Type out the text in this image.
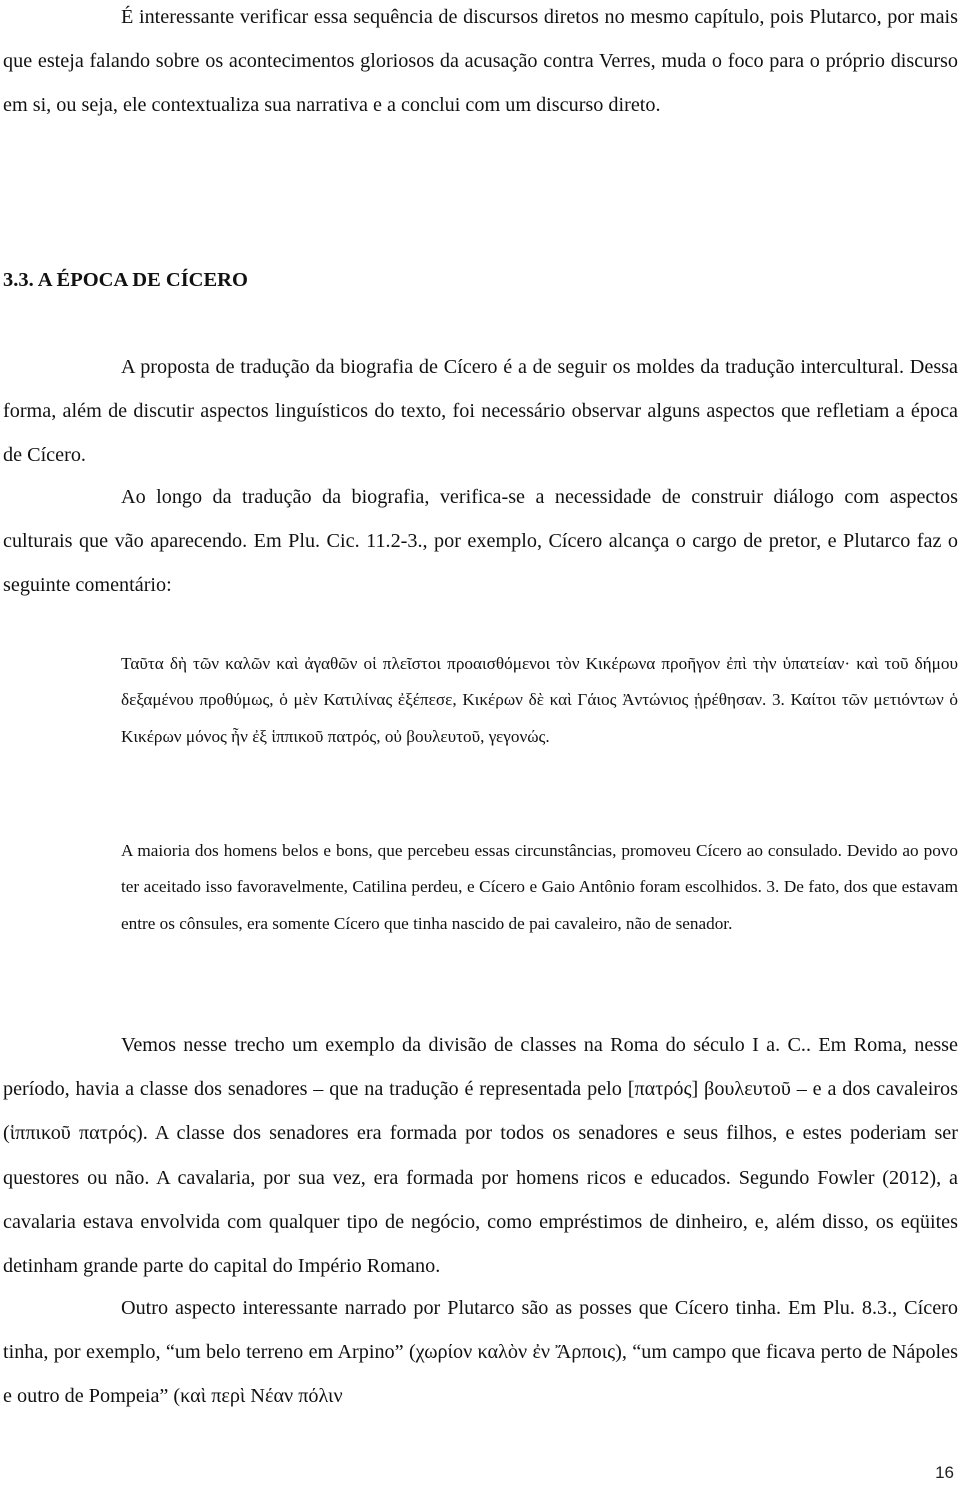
É interessante verificar essa sequência de discursos diretos no mesmo capítulo, pois Plutarco, por mais que esteja falando sobre os acontecimentos gloriosos da acusação contra Verres, muda o foco para o próprio discurso em si, ou seja, ele contextualiza sua narrativa e a conclui com um discurso direto.

3.3. A ÉPOCA DE CÍCERO

A proposta de tradução da biografia de Cícero é a de seguir os moldes da tradução intercultural. Dessa forma, além de discutir aspectos linguísticos do texto, foi necessário observar alguns aspectos que refletiam a época de Cícero.

Ao longo da tradução da biografia, verifica-se a necessidade de construir diálogo com aspectos culturais que vão aparecendo. Em Plu. Cic. 11.2-3., por exemplo, Cícero alcança o cargo de pretor, e Plutarco faz o seguinte comentário:

Ταῦτα δὴ τῶν καλῶν καὶ ἀγαθῶν οἱ πλεῖστοι προαισθόμενοι τὸν Κικέρωνα προῆγον ἐπὶ τὴν ὑπατείαν· καὶ τοῦ δήμου δεξαμένου προθύμως, ὁ μὲν Κατιλίνας ἐξέπεσε, Κικέρων δὲ καὶ Γάιος Ἀντώνιος ᾑρέθησαν. 3. Καίτοι τῶν μετιόντων ὁ Κικέρων μόνος ἦν ἐξ ἱππικοῦ πατρός, οὐ βουλευτοῦ, γεγονώς.
A maioria dos homens belos e bons, que percebeu essas circunstâncias, promoveu Cícero ao consulado. Devido ao povo ter aceitado isso favoravelmente, Catilina perdeu, e Cícero e Gaio Antônio foram escolhidos. 3. De fato, dos que estavam entre os cônsules, era somente Cícero que tinha nascido de pai cavaleiro, não de senador.

Vemos nesse trecho um exemplo da divisão de classes na Roma do século I a. C.. Em Roma, nesse período, havia a classe dos senadores – que na tradução é representada pelo [πατρός] βουλευτοῦ – e a dos cavaleiros (ἱππικοῦ πατρός). A classe dos senadores era formada por todos os senadores e seus filhos, e estes poderiam ser questores ou não. A cavalaria, por sua vez, era formada por homens ricos e educados. Segundo Fowler (2012), a cavalaria estava envolvida com qualquer tipo de negócio, como empréstimos de dinheiro, e, além disso, os eqüites detinham grande parte do capital do Império Romano.

Outro aspecto interessante narrado por Plutarco são as posses que Cícero tinha. Em Plu. 8.3., Cícero tinha, por exemplo, “um belo terreno em Arpino” (χωρίον καλὸν ἐν Ἄρποις), “um campo que ficava perto de Nápoles e outro de Pompeia” (καὶ περὶ Νέαν πόλιν

16
